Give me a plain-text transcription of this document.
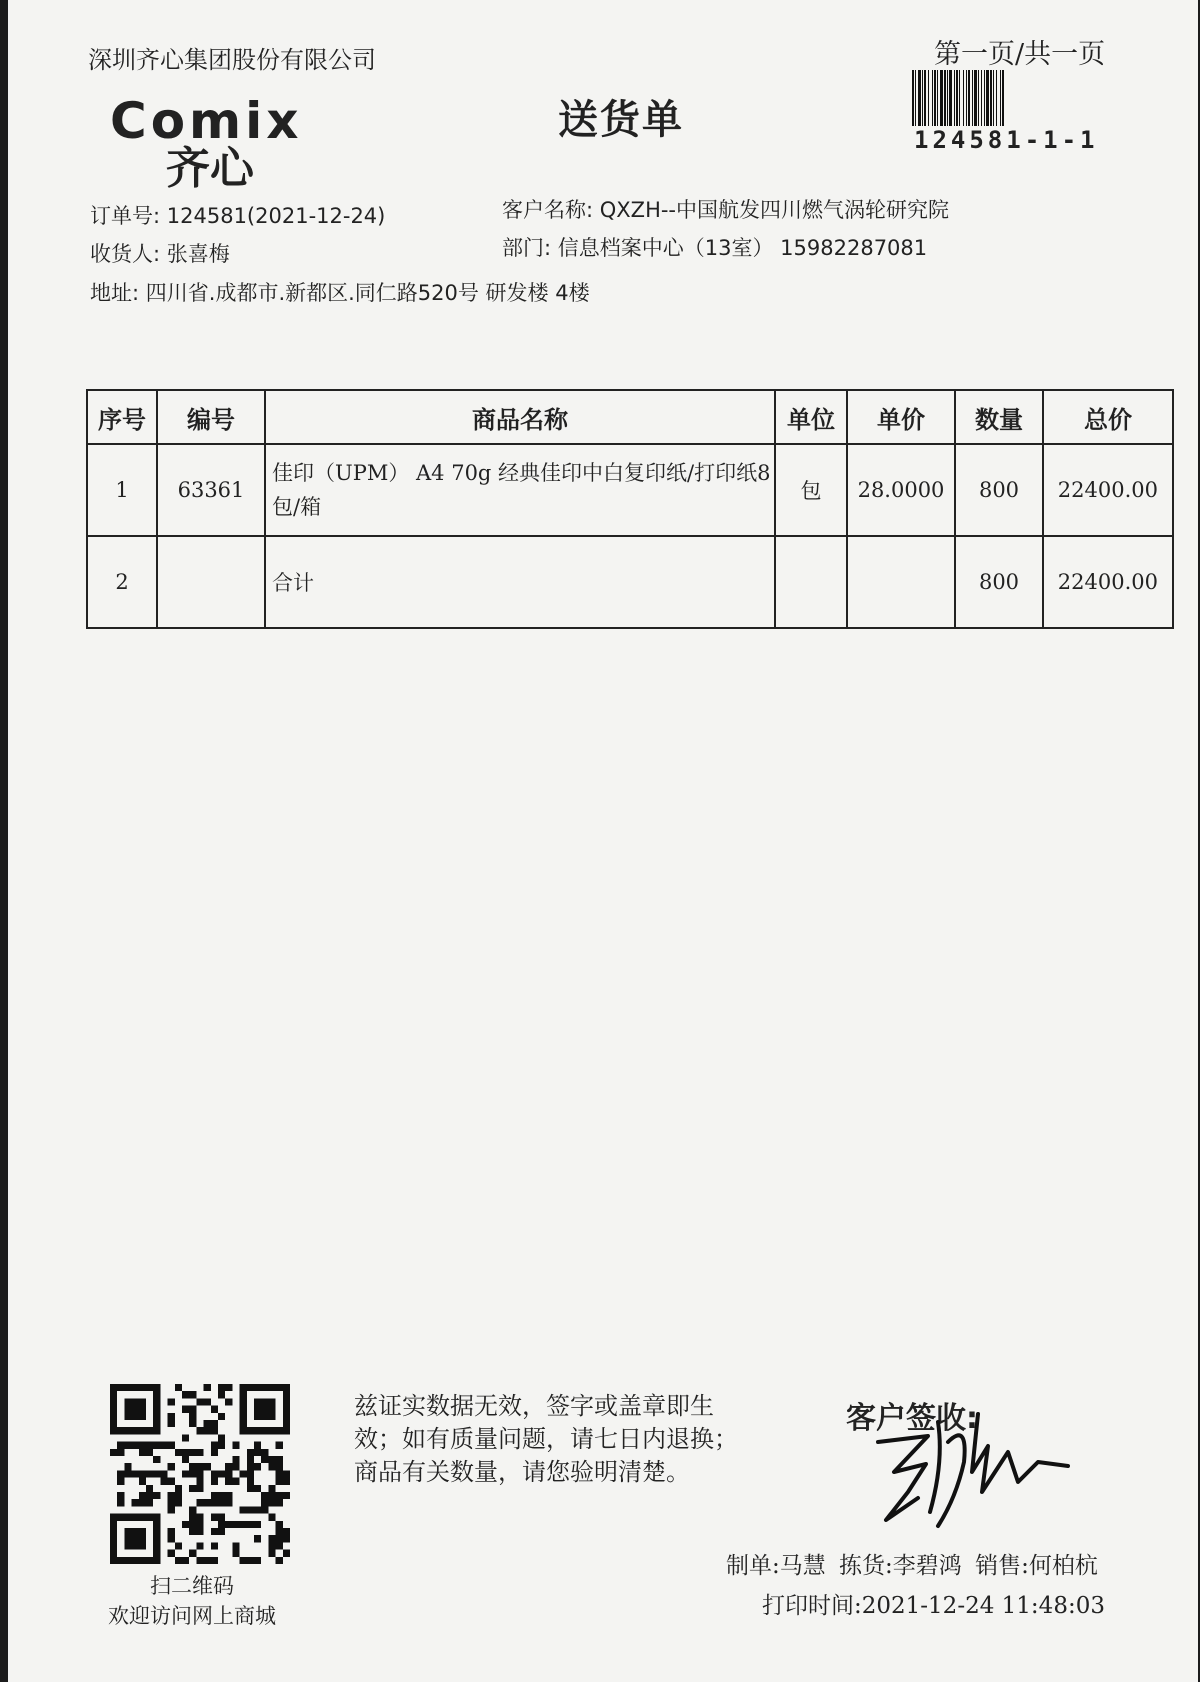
深圳齐心集团股份有限公司	第一页/共一页
124581-1-1
Comix
齐心
送货单
订单号: 124581(2021-12-24)
收货人: 张喜梅
地址: 四川省.成都市.新都区.同仁路520号 研发楼 4楼
客户名称: QXZH--中国航发四川燃气涡轮研究院
部门: 信息档案中心（13室） 15982287081
序号	编号	商品名称	单位	单价	数量	总价
1	63361	佳印（UPM） A4 70g 经典佳印中白复印纸/打印纸8包/箱	包	28.0000	800	22400.00
2		合计			800	22400.00
扫二维码
欢迎访问网上商城
兹证实数据无效，签字或盖章即生效；如有质量问题，请七日内退换；商品有关数量，请您验明清楚。
客户签收:
制单:马慧 拣货:李碧鸿 销售:何柏杭
打印时间:2021-12-24 11:48:03
